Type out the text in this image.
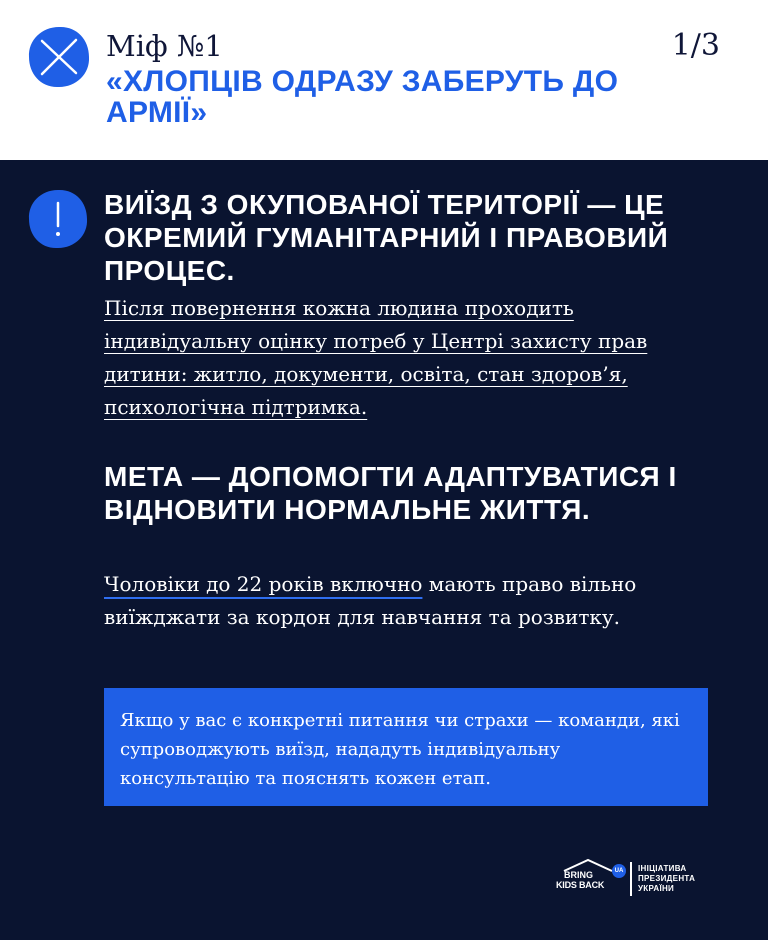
Міф №1	1/3

«ХЛОПЦІВ ОДРАЗУ ЗАБЕРУТЬ ДО АРМІЇ»

ВИЇЗД З ОКУПОВАНОЇ ТЕРИТОРІЇ — ЦЕ ОКРЕМИЙ ГУМАНІТАРНИЙ І ПРАВОВИЙ ПРОЦЕС.

Після повернення кожна людина проходить індивідуальну оцінку потреб у Центрі захисту прав дитини: житло, документи, освіта, стан здоров’я, психологічна підтримка.

МЕТА — ДОПОМОГТИ АДАПТУВАТИСЯ І ВІДНОВИТИ НОРМАЛЬНЕ ЖИТТЯ.

Чоловіки до 22 років включно мають право вільно виїжджати за кордон для навчання та розвитку.

Якщо у вас є конкретні питання чи страхи — команди, які супроводжують виїзд, нададуть індивідуальну консультацію та пояснять кожен етап.

BRING
KIDS BACK
UA	ІНІЦІАТИВА
ПРЕЗИДЕНТА
УКРАЇНИ
